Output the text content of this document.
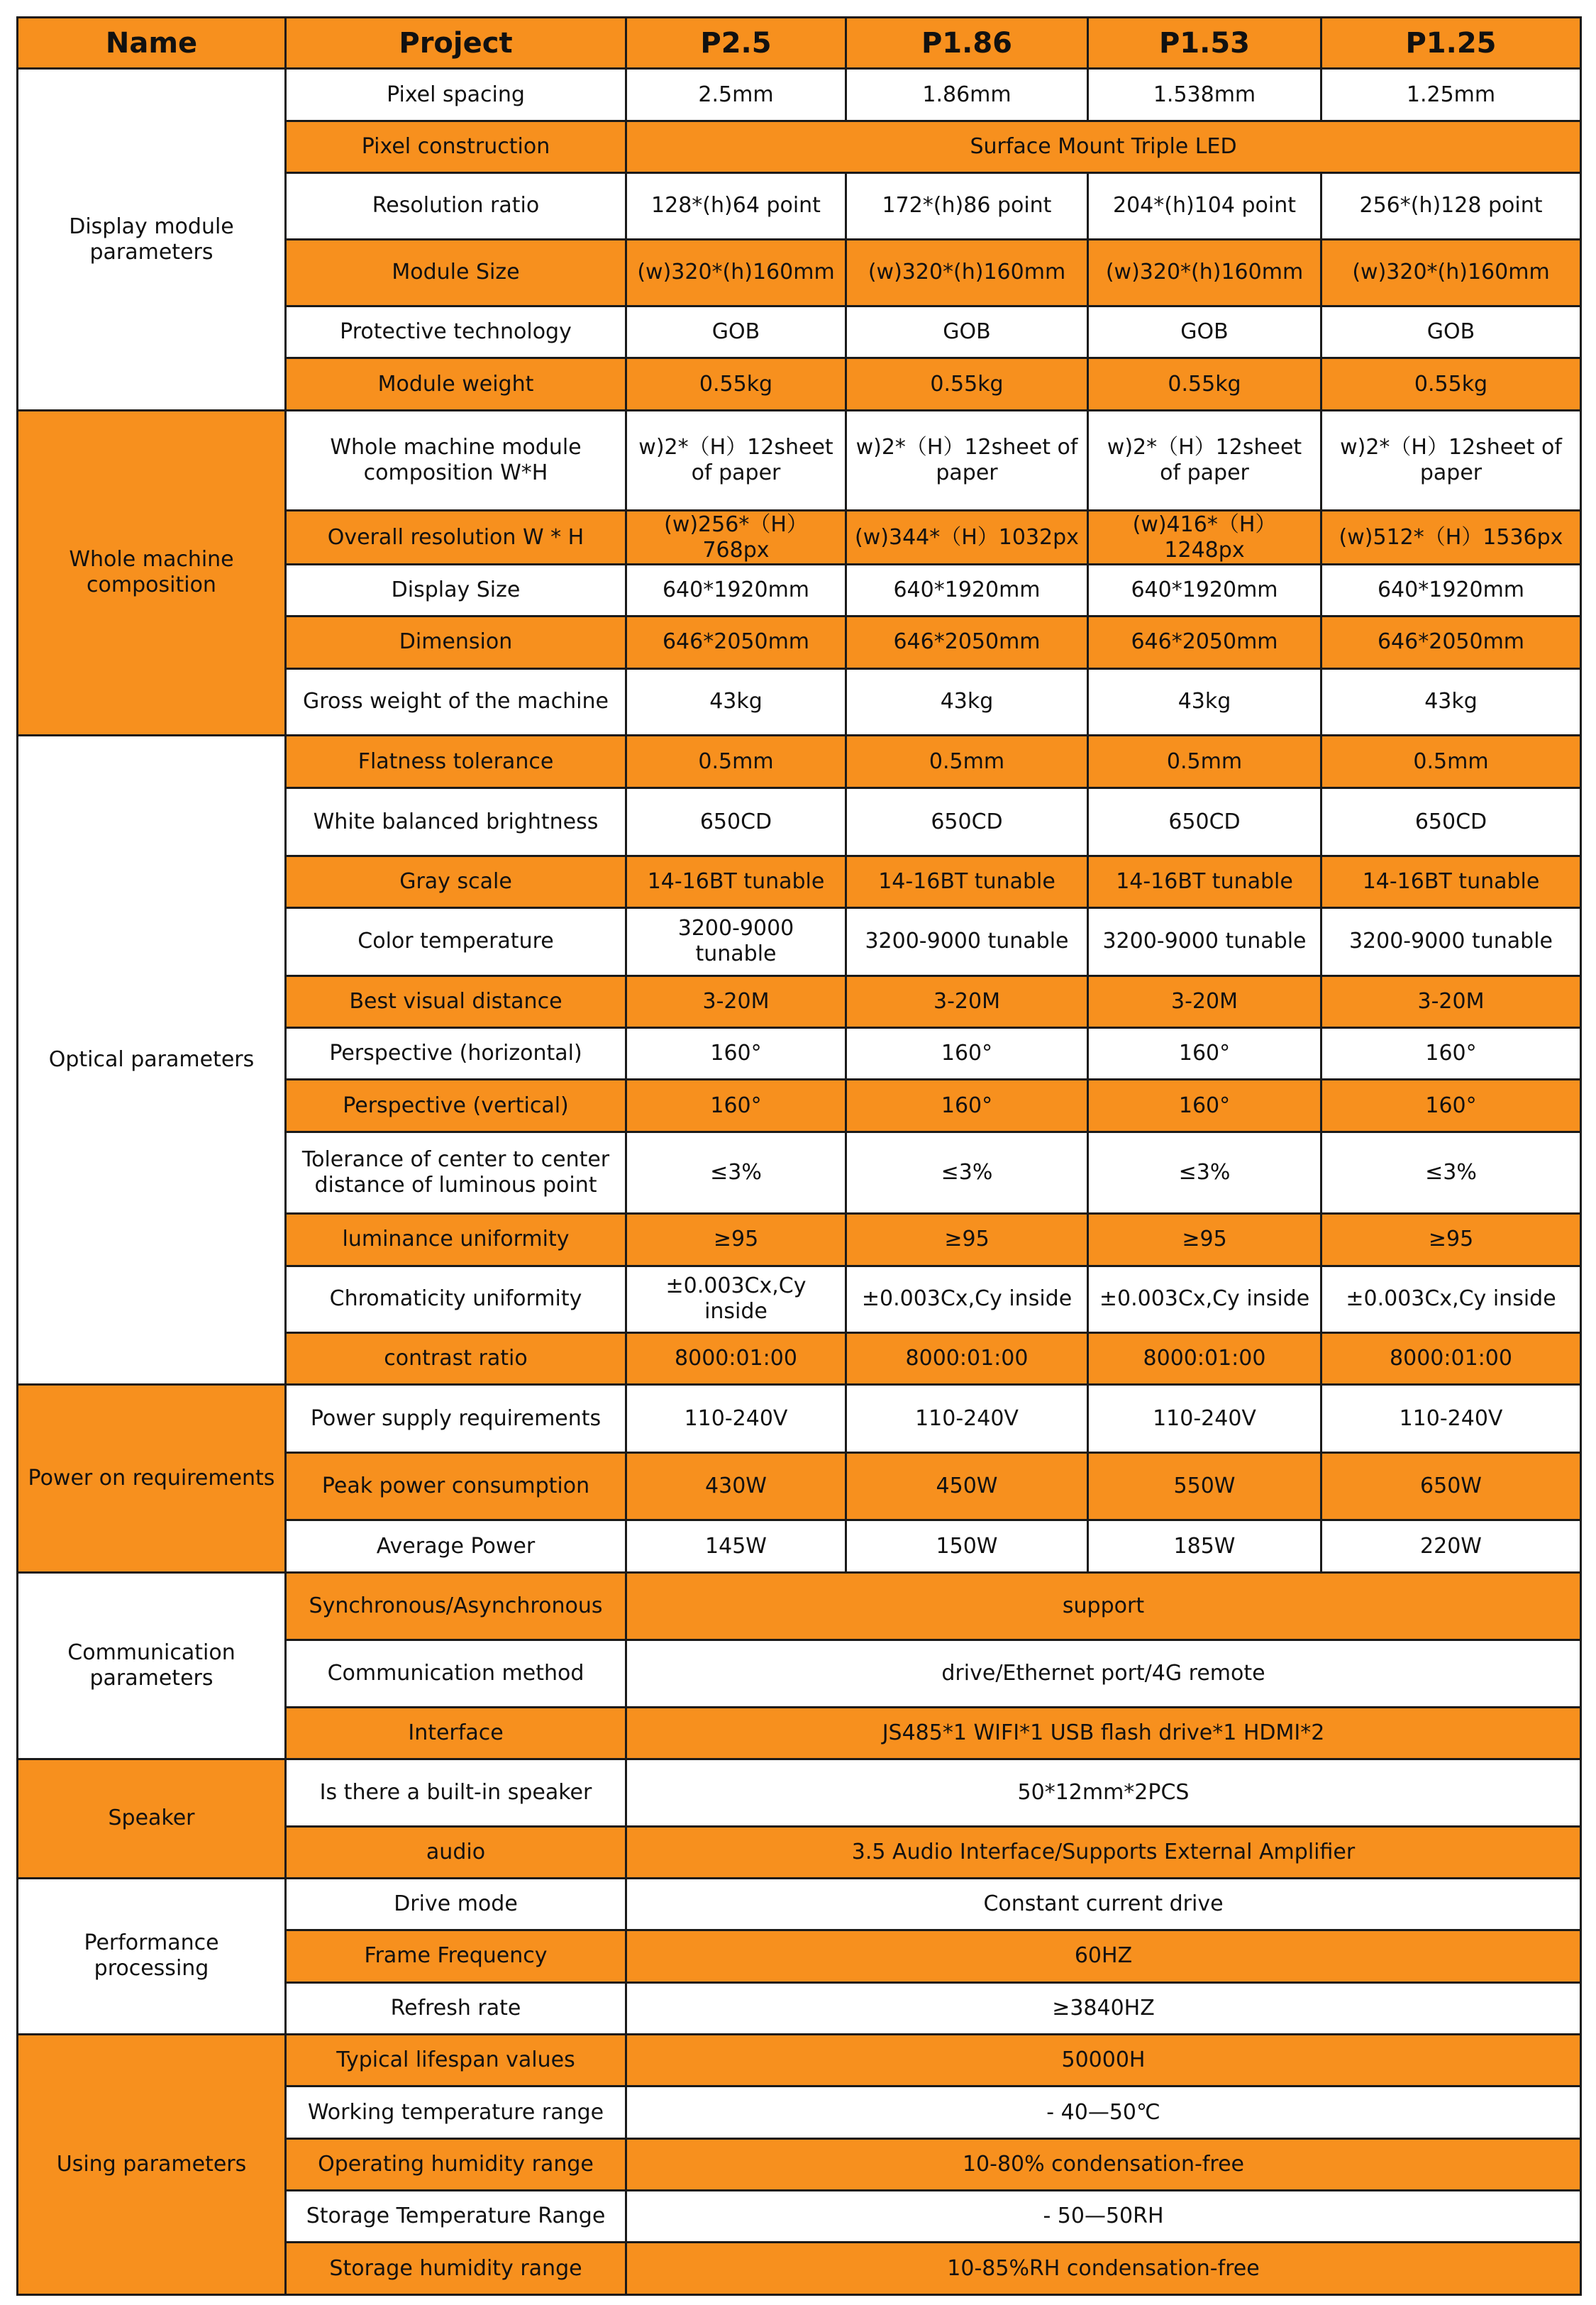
Name	Project	P2.5	P1.86	P1.53	P1.25
Display module parameters	Pixel spacing	2.5mm	1.86mm	1.538mm	1.25mm
	Pixel construction	Surface Mount Triple LED			
	Resolution ratio	128*(h)64 point	172*(h)86 point	204*(h)104 point	256*(h)128 point
	Module Size	(w)320*(h)160mm	(w)320*(h)160mm	(w)320*(h)160mm	(w)320*(h)160mm
	Protective technology	GOB	GOB	GOB	GOB
	Module weight	0.55kg	0.55kg	0.55kg	0.55kg
Whole machine composition	Whole machine module composition W*H	w)2*（H）12sheet of paper	w)2*（H）12sheet of paper	w)2*（H）12sheet of paper	w)2*（H）12sheet of paper
	Overall resolution W * H	(w)256*（H）768px	(w)344*（H）1032px	(w)416*（H）1248px	(w)512*（H）1536px
	Display Size	640*1920mm	640*1920mm	640*1920mm	640*1920mm
	Dimension	646*2050mm	646*2050mm	646*2050mm	646*2050mm
	Gross weight of the machine	43kg	43kg	43kg	43kg
Optical parameters	Flatness tolerance	0.5mm	0.5mm	0.5mm	0.5mm
	White balanced brightness	650CD	650CD	650CD	650CD
	Gray scale	14-16BT tunable	14-16BT tunable	14-16BT tunable	14-16BT tunable
	Color temperature	3200-9000 tunable	3200-9000 tunable	3200-9000 tunable	3200-9000 tunable
	Best visual distance	3-20M	3-20M	3-20M	3-20M
	Perspective (horizontal)	160°	160°	160°	160°
	Perspective (vertical)	160°	160°	160°	160°
	Tolerance of center to center distance of luminous point	≤3%	≤3%	≤3%	≤3%
	luminance uniformity	≥95	≥95	≥95	≥95
	Chromaticity uniformity	±0.003Cx,Cy inside	±0.003Cx,Cy inside	±0.003Cx,Cy inside	±0.003Cx,Cy inside
	contrast ratio	8000:01:00	8000:01:00	8000:01:00	8000:01:00
Power on requirements	Power supply requirements	110-240V	110-240V	110-240V	110-240V
	Peak power consumption	430W	450W	550W	650W
	Average Power	145W	150W	185W	220W
Communication parameters	Synchronous/Asynchronous	support			
	Communication method	drive/Ethernet port/4G remote			
	Interface	JS485*1 WIFI*1 USB flash drive*1 HDMI*2			
Speaker	Is there a built-in speaker	50*12mm*2PCS			
	audio	3.5 Audio Interface/Supports External Amplifier			
Performance processing	Drive mode	Constant current drive			
	Frame Frequency	60HZ			
	Refresh rate	≥3840HZ			
Using parameters	Typical lifespan values	50000H			
	Working temperature range	- 40—50℃			
	Operating humidity range	10-80% condensation-free			
	Storage Temperature Range	- 50—50RH			
	Storage humidity range	10-85%RH condensation-free			
